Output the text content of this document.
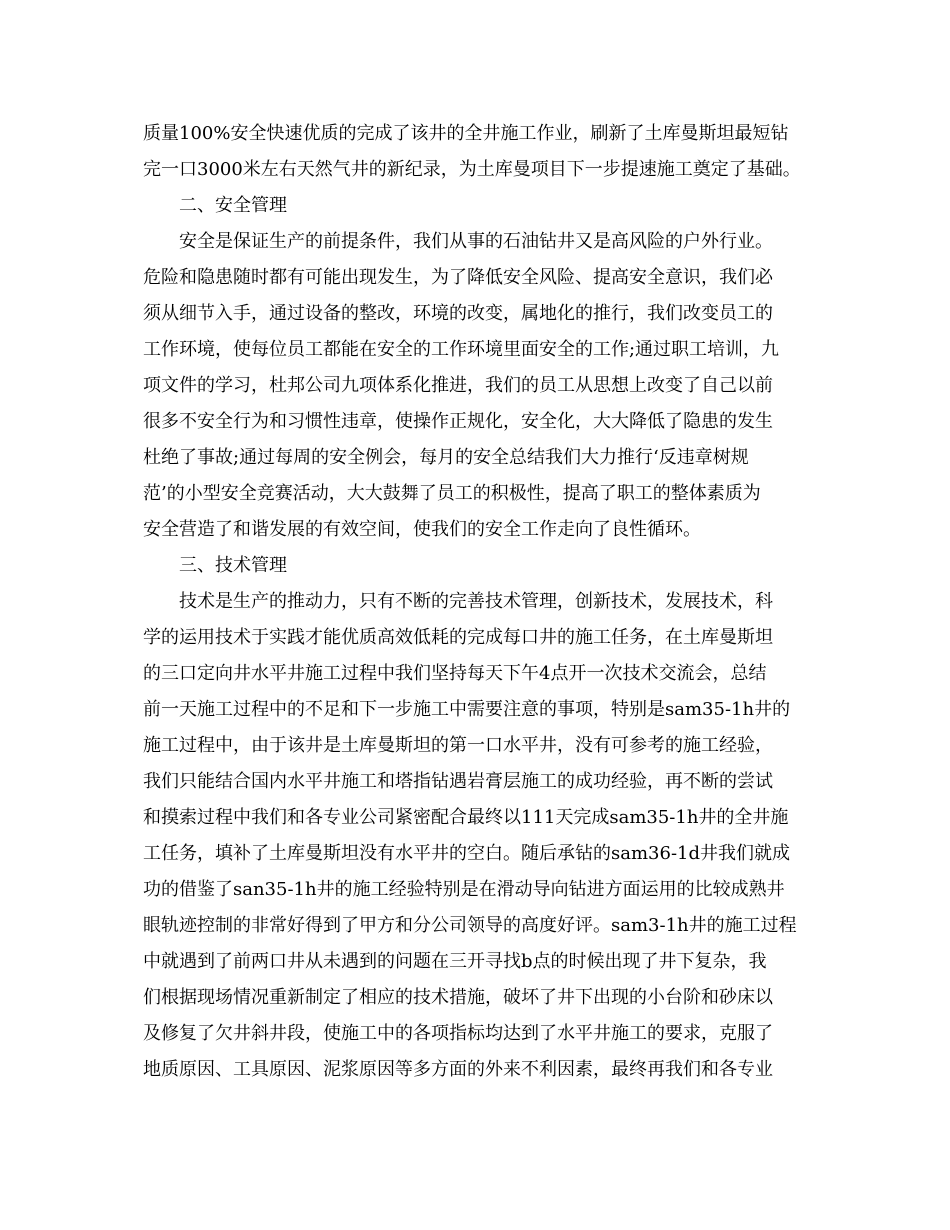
质量100%安全快速优质的完成了该井的全井施工作业，刷新了土库曼斯坦最短钻
完一口3000米左右天然气井的新纪录，为土库曼项目下一步提速施工奠定了基础。
二、安全管理
安全是保证生产的前提条件，我们从事的石油钻井又是高风险的户外行业。
危险和隐患随时都有可能出现发生，为了降低安全风险、提高安全意识，我们必
须从细节入手，通过设备的整改，环境的改变，属地化的推行，我们改变员工的
工作环境，使每位员工都能在安全的工作环境里面安全的工作;通过职工培训，九
项文件的学习，杜邦公司九项体系化推进，我们的员工从思想上改变了自己以前
很多不安全行为和习惯性违章，使操作正规化，安全化，大大降低了隐患的发生
杜绝了事故;通过每周的安全例会，每月的安全总结我们大力推行‘反违章树规
范’的小型安全竞赛活动，大大鼓舞了员工的积极性，提高了职工的整体素质为
安全营造了和谐发展的有效空间，使我们的安全工作走向了良性循环。
三、技术管理
技术是生产的推动力，只有不断的完善技术管理，创新技术，发展技术，科
学的运用技术于实践才能优质高效低耗的完成每口井的施工任务，在土库曼斯坦
的三口定向井水平井施工过程中我们坚持每天下午4点开一次技术交流会，总结
前一天施工过程中的不足和下一步施工中需要注意的事项，特别是sam35-1h井的
施工过程中，由于该井是土库曼斯坦的第一口水平井，没有可参考的施工经验，
我们只能结合国内水平井施工和塔指钻遇岩膏层施工的成功经验，再不断的尝试
和摸索过程中我们和各专业公司紧密配合最终以111天完成sam35-1h井的全井施
工任务，填补了土库曼斯坦没有水平井的空白。随后承钻的sam36-1d井我们就成
功的借鉴了san35-1h井的施工经验特别是在滑动导向钻进方面运用的比较成熟井
眼轨迹控制的非常好得到了甲方和分公司领导的高度好评。sam3-1h井的施工过程
中就遇到了前两口井从未遇到的问题在三开寻找b点的时候出现了井下复杂，我
们根据现场情况重新制定了相应的技术措施，破坏了井下出现的小台阶和砂床以
及修复了欠井斜井段，使施工中的各项指标均达到了水平井施工的要求，克服了
地质原因、工具原因、泥浆原因等多方面的外来不利因素，最终再我们和各专业
